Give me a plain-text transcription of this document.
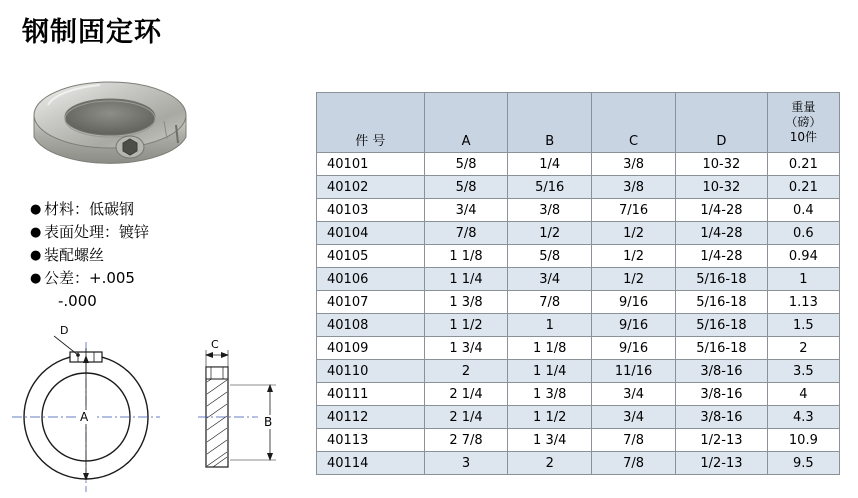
钢制固定环
● 材料：低碳钢
● 表面处理：镀锌
● 装配螺丝
● 公差：+.005
-.000
D
A
C
B
件 号	A	B	C	D	重量
（磅）
10件

40101	5/8	1/4	3/8	10-32	0.21
40102	5/8	5/16	3/8	10-32	0.21
40103	3/4	3/8	7/16	1/4-28	0.4
40104	7/8	1/2	1/2	1/4-28	0.6
40105	1 1/8	5/8	1/2	1/4-28	0.94
40106	1 1/4	3/4	1/2	5/16-18	1
40107	1 3/8	7/8	9/16	5/16-18	1.13
40108	1 1/2	1	9/16	5/16-18	1.5
40109	1 3/4	1 1/8	9/16	5/16-18	2
40110	2	1 1/4	11/16	3/8-16	3.5
40111	2 1/4	1 3/8	3/4	3/8-16	4
40112	2 1/4	1 1/2	3/4	3/8-16	4.3
40113	2 7/8	1 3/4	7/8	1/2-13	10.9
40114	3	2	7/8	1/2-13	9.5
